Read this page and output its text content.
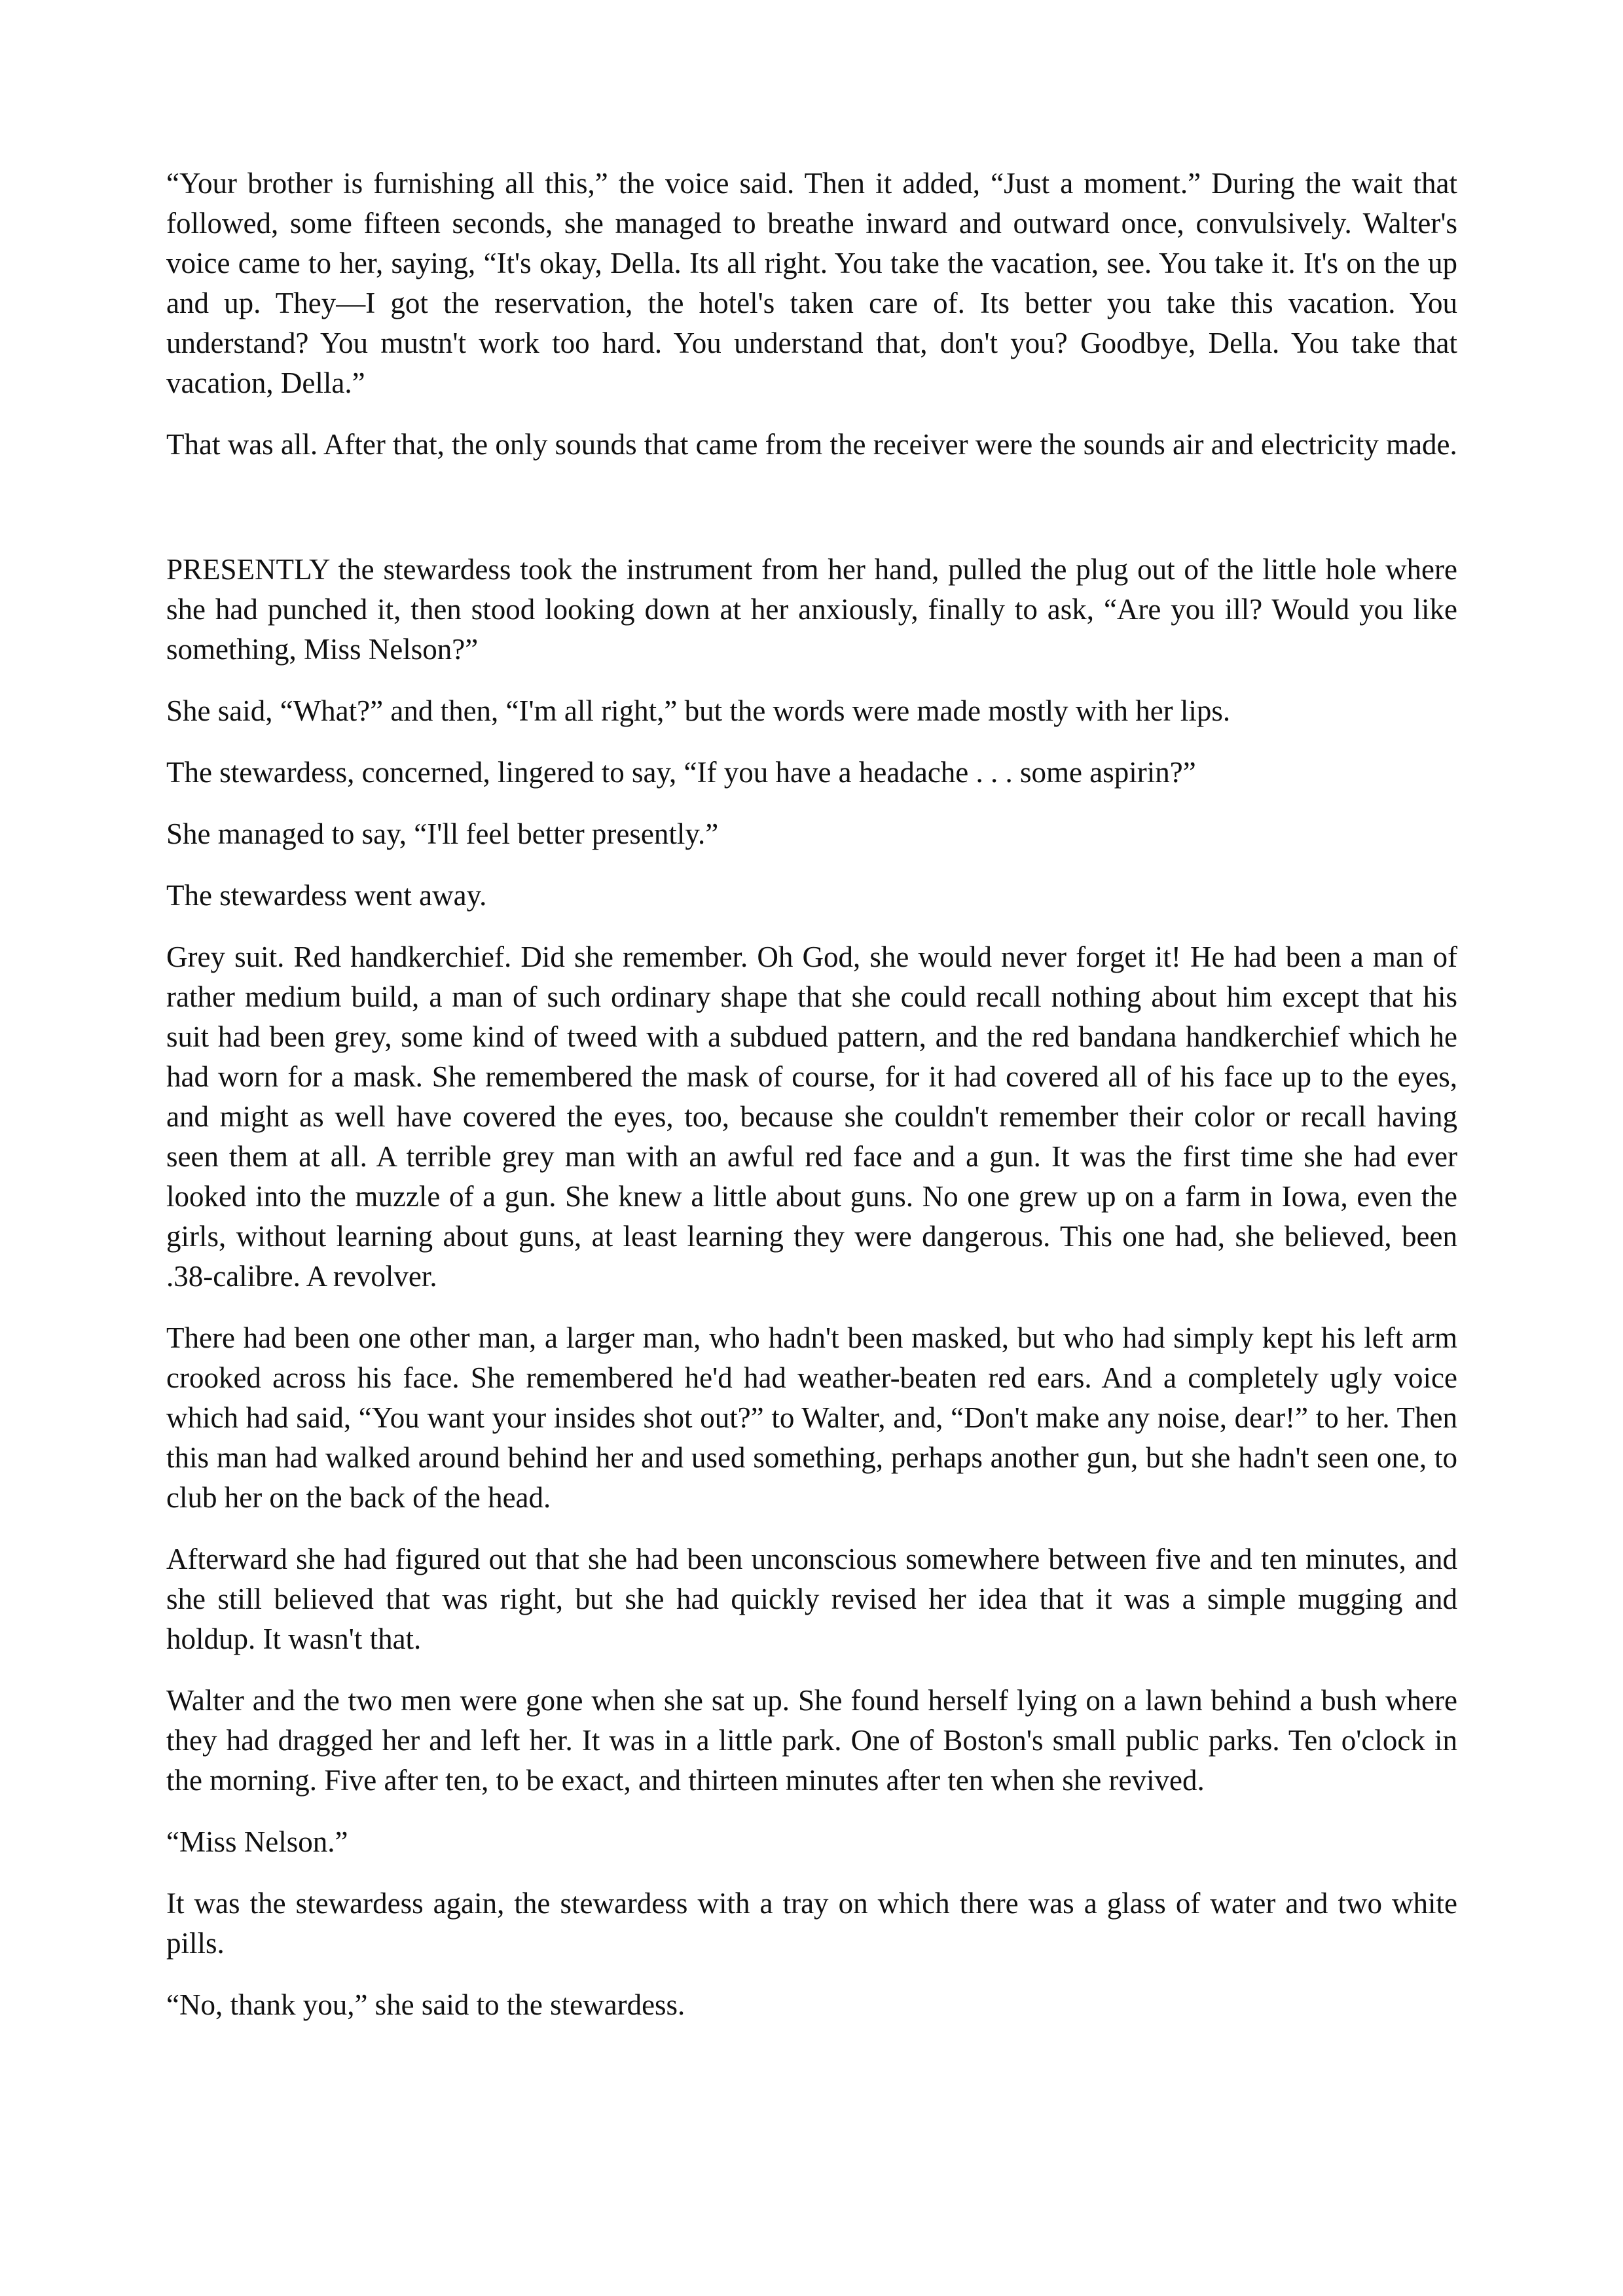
“Your brother is furnishing all this,” the voice said. Then it added, “Just a moment.” During the wait that followed, some fifteen seconds, she managed to breathe inward and outward once, convulsively. Walter's voice came to her, saying, “It's okay, Della. Its all right. You take the vacation, see. You take it. It's on the up and up. They—I got the reservation, the hotel's taken care of. Its better you take this vacation. You understand? You mustn't work too hard. You understand that, don't you? Goodbye, Della. You take that vacation, Della.”

That was all. After that, the only sounds that came from the receiver were the sounds air and electricity made.

PRESENTLY the stewardess took the instrument from her hand, pulled the plug out of the little hole where she had punched it, then stood looking down at her anxiously, finally to ask, “Are you ill? Would you like something, Miss Nelson?”

She said, “What?” and then, “I'm all right,” but the words were made mostly with her lips.

The stewardess, concerned, lingered to say, “If you have a headache . . . some aspirin?”

She managed to say, “I'll feel better presently.”

The stewardess went away.

Grey suit. Red handkerchief. Did she remember. Oh God, she would never forget it! He had been a man of rather medium build, a man of such ordinary shape that she could recall nothing about him except that his suit had been grey, some kind of tweed with a subdued pattern, and the red bandana handkerchief which he had worn for a mask. She remembered the mask of course, for it had covered all of his face up to the eyes, and might as well have covered the eyes, too, because she couldn't remember their color or recall having seen them at all. A terrible grey man with an awful red face and a gun. It was the first time she had ever looked into the muzzle of a gun. She knew a little about guns. No one grew up on a farm in Iowa, even the girls, without learning about guns, at least learning they were dangerous. This one had, she believed, been .38-calibre. A revolver.

There had been one other man, a larger man, who hadn't been masked, but who had simply kept his left arm crooked across his face. She remembered he'd had weather-beaten red ears. And a completely ugly voice which had said, “You want your insides shot out?” to Walter, and, “Don't make any noise, dear!” to her. Then this man had walked around behind her and used something, perhaps another gun, but she hadn't seen one, to club her on the back of the head.

Afterward she had figured out that she had been unconscious somewhere between five and ten minutes, and she still believed that was right, but she had quickly revised her idea that it was a simple mugging and holdup. It wasn't that.

Walter and the two men were gone when she sat up. She found herself lying on a lawn behind a bush where they had dragged her and left her. It was in a little park. One of Boston's small public parks. Ten o'clock in the morning. Five after ten, to be exact, and thirteen minutes after ten when she revived.

“Miss Nelson.”

It was the stewardess again, the stewardess with a tray on which there was a glass of water and two white pills.

“No, thank you,” she said to the stewardess.
